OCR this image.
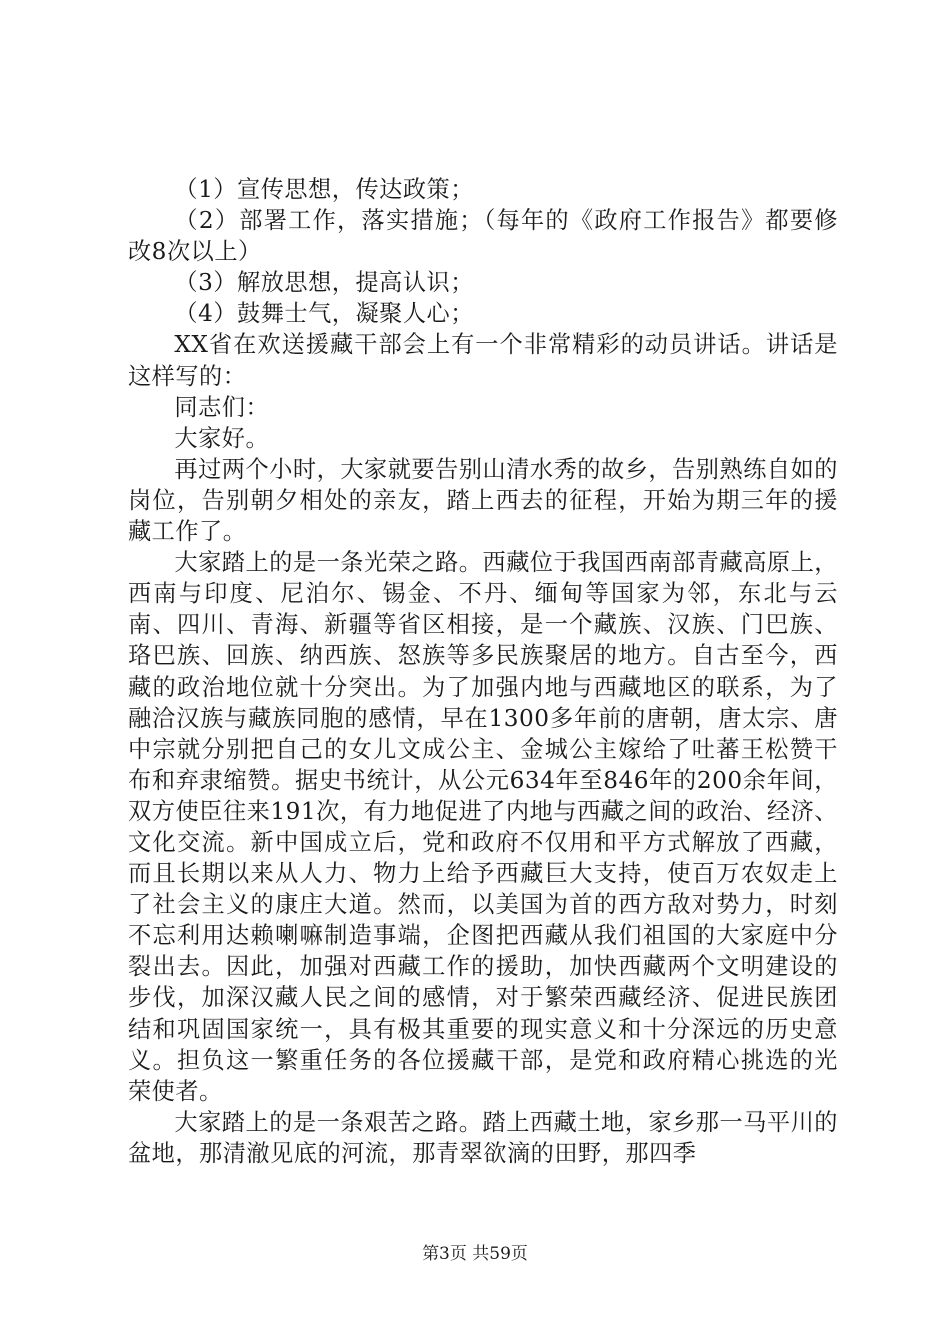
（1）宣传思想，传达政策；

（2）部署工作，落实措施；（每年的《政府工作报告》都要修改8次以上）

（3）解放思想，提高认识；

（4）鼓舞士气，凝聚人心；

XX省在欢送援藏干部会上有一个非常精彩的动员讲话。讲话是这样写的：

同志们：

大家好。

再过两个小时，大家就要告别山清水秀的故乡，告别熟练自如的岗位，告别朝夕相处的亲友，踏上西去的征程，开始为期三年的援藏工作了。

大家踏上的是一条光荣之路。西藏位于我国西南部青藏高原上，西南与印度、尼泊尔、锡金、不丹、缅甸等国家为邻，东北与云南、四川、青海、新疆等省区相接，是一个藏族、汉族、门巴族、珞巴族、回族、纳西族、怒族等多民族聚居的地方。自古至今，西藏的政治地位就十分突出。为了加强内地与西藏地区的联系，为了融洽汉族与藏族同胞的感情，早在1300多年前的唐朝，唐太宗、唐中宗就分别把自己的女儿文成公主、金城公主嫁给了吐蕃王松赞干布和弃隶缩赞。据史书统计，从公元634年至846年的200余年间，双方使臣往来191次，有力地促进了内地与西藏之间的政治、经济、文化交流。新中国成立后，党和政府不仅用和平方式解放了西藏，而且长期以来从人力、物力上给予西藏巨大支持，使百万农奴走上了社会主义的康庄大道。然而，以美国为首的西方敌对势力，时刻不忘利用达赖喇嘛制造事端，企图把西藏从我们祖国的大家庭中分裂出去。因此，加强对西藏工作的援助，加快西藏两个文明建设的步伐，加深汉藏人民之间的感情，对于繁荣西藏经济、促进民族团结和巩固国家统一，具有极其重要的现实意义和十分深远的历史意义。担负这一繁重任务的各位援藏干部，是党和政府精心挑选的光荣使者。

大家踏上的是一条艰苦之路。踏上西藏土地，家乡那一马平川的盆地，那清澈见底的河流，那青翠欲滴的田野，那四季

第3页 共59页
